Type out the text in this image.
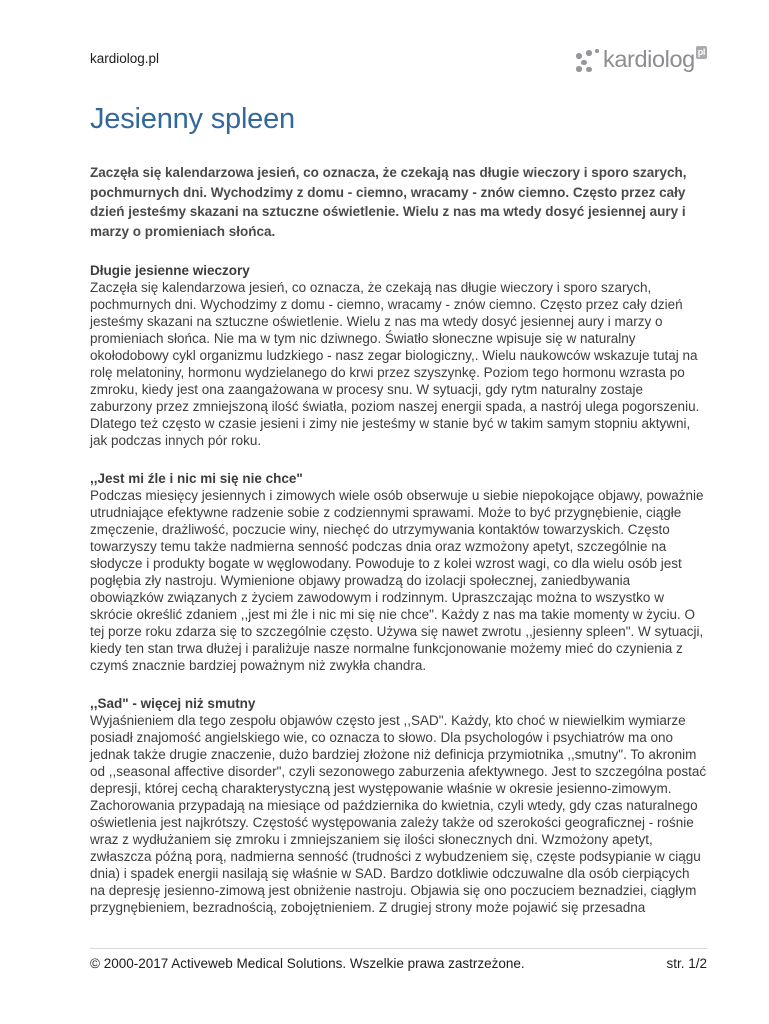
kardiolog.pl	kardiolog pl
Jesienny spleen

Zaczęła się kalendarzowa jesień, co oznacza, że czekają nas długie wieczory i sporo szarych, pochmurnych dni. Wychodzimy z domu - ciemno, wracamy - znów ciemno. Często przez cały dzień jesteśmy skazani na sztuczne oświetlenie. Wielu z nas ma wtedy dosyć jesiennej aury i marzy o promieniach słońca.

Długie jesienne wieczory
Zaczęła się kalendarzowa jesień, co oznacza, że czekają nas długie wieczory i sporo szarych, pochmurnych dni. Wychodzimy z domu - ciemno, wracamy - znów ciemno. Często przez cały dzień jesteśmy skazani na sztuczne oświetlenie. Wielu z nas ma wtedy dosyć jesiennej aury i marzy o promieniach słońca. Nie ma w tym nic dziwnego. Światło słoneczne wpisuje się w naturalny okołodobowy cykl organizmu ludzkiego - nasz zegar biologiczny,. Wielu naukowców wskazuje tutaj na rolę melatoniny, hormonu wydzielanego do krwi przez szyszynkę. Poziom tego hormonu wzrasta po zmroku, kiedy jest ona zaangażowana w procesy snu. W sytuacji, gdy rytm naturalny zostaje zaburzony przez zmniejszoną ilość światła, poziom naszej energii spada, a nastrój ulega pogorszeniu. Dlatego też często w czasie jesieni i zimy nie jesteśmy w stanie być w takim samym stopniu aktywni, jak podczas innych pór roku.
,,Jest mi źle i nic mi się nie chce"
Podczas miesięcy jesiennych i zimowych wiele osób obserwuje u siebie niepokojące objawy, poważnie utrudniające efektywne radzenie sobie z codziennymi sprawami. Może to być przygnębienie, ciągłe zmęczenie, drażliwość, poczucie winy, niechęć do utrzymywania kontaktów towarzyskich. Często towarzyszy temu także nadmierna senność podczas dnia oraz wzmożony apetyt, szczególnie na słodycze i produkty bogate w węglowodany. Powoduje to z kolei wzrost wagi, co dla wielu osób jest pogłębia zły nastroju. Wymienione objawy prowadzą do izolacji społecznej, zaniedbywania obowiązków związanych z życiem zawodowym i rodzinnym. Upraszczając można to wszystko w skrócie określić zdaniem ,,jest mi źle i nic mi się nie chce". Każdy z nas ma takie momenty w życiu. O tej porze roku zdarza się to szczególnie często. Używa się nawet zwrotu ,,jesienny spleen". W sytuacji, kiedy ten stan trwa dłużej i paraliżuje nasze normalne funkcjonowanie możemy mieć do czynienia z czymś znacznie bardziej poważnym niż zwykła chandra.
,,Sad" - więcej niż smutny
Wyjaśnieniem dla tego zespołu objawów często jest ,,SAD". Każdy, kto choć w niewielkim wymiarze posiadł znajomość angielskiego wie, co oznacza to słowo. Dla psychologów i psychiatrów ma ono jednak także drugie znaczenie, dużo bardziej złożone niż definicja przymiotnika ,,smutny". To akronim od ,,seasonal affective disorder", czyli sezonowego zaburzenia afektywnego. Jest to szczególna postać depresji, której cechą charakterystyczną jest występowanie właśnie w okresie jesienno-zimowym. Zachorowania przypadają na miesiące od października do kwietnia, czyli wtedy, gdy czas naturalnego oświetlenia jest najkrótszy. Częstość występowania zależy także od szerokości geograficznej - rośnie wraz z wydłużaniem się zmroku i zmniejszaniem się ilości słonecznych dni. Wzmożony apetyt, zwłaszcza późną porą, nadmierna senność (trudności z wybudzeniem się, częste podsypianie w ciągu dnia) i spadek energii nasilają się właśnie w SAD. Bardzo dotkliwie odczuwalne dla osób cierpiących na depresję jesienno-zimową jest obniżenie nastroju. Objawia się ono poczuciem beznadziei, ciągłym przygnębieniem, bezradnością, zobojętnieniem. Z drugiej strony może pojawić się przesadna
© 2000-2017 Activeweb Medical Solutions. Wszelkie prawa zastrzeżone.	str. 1/2
